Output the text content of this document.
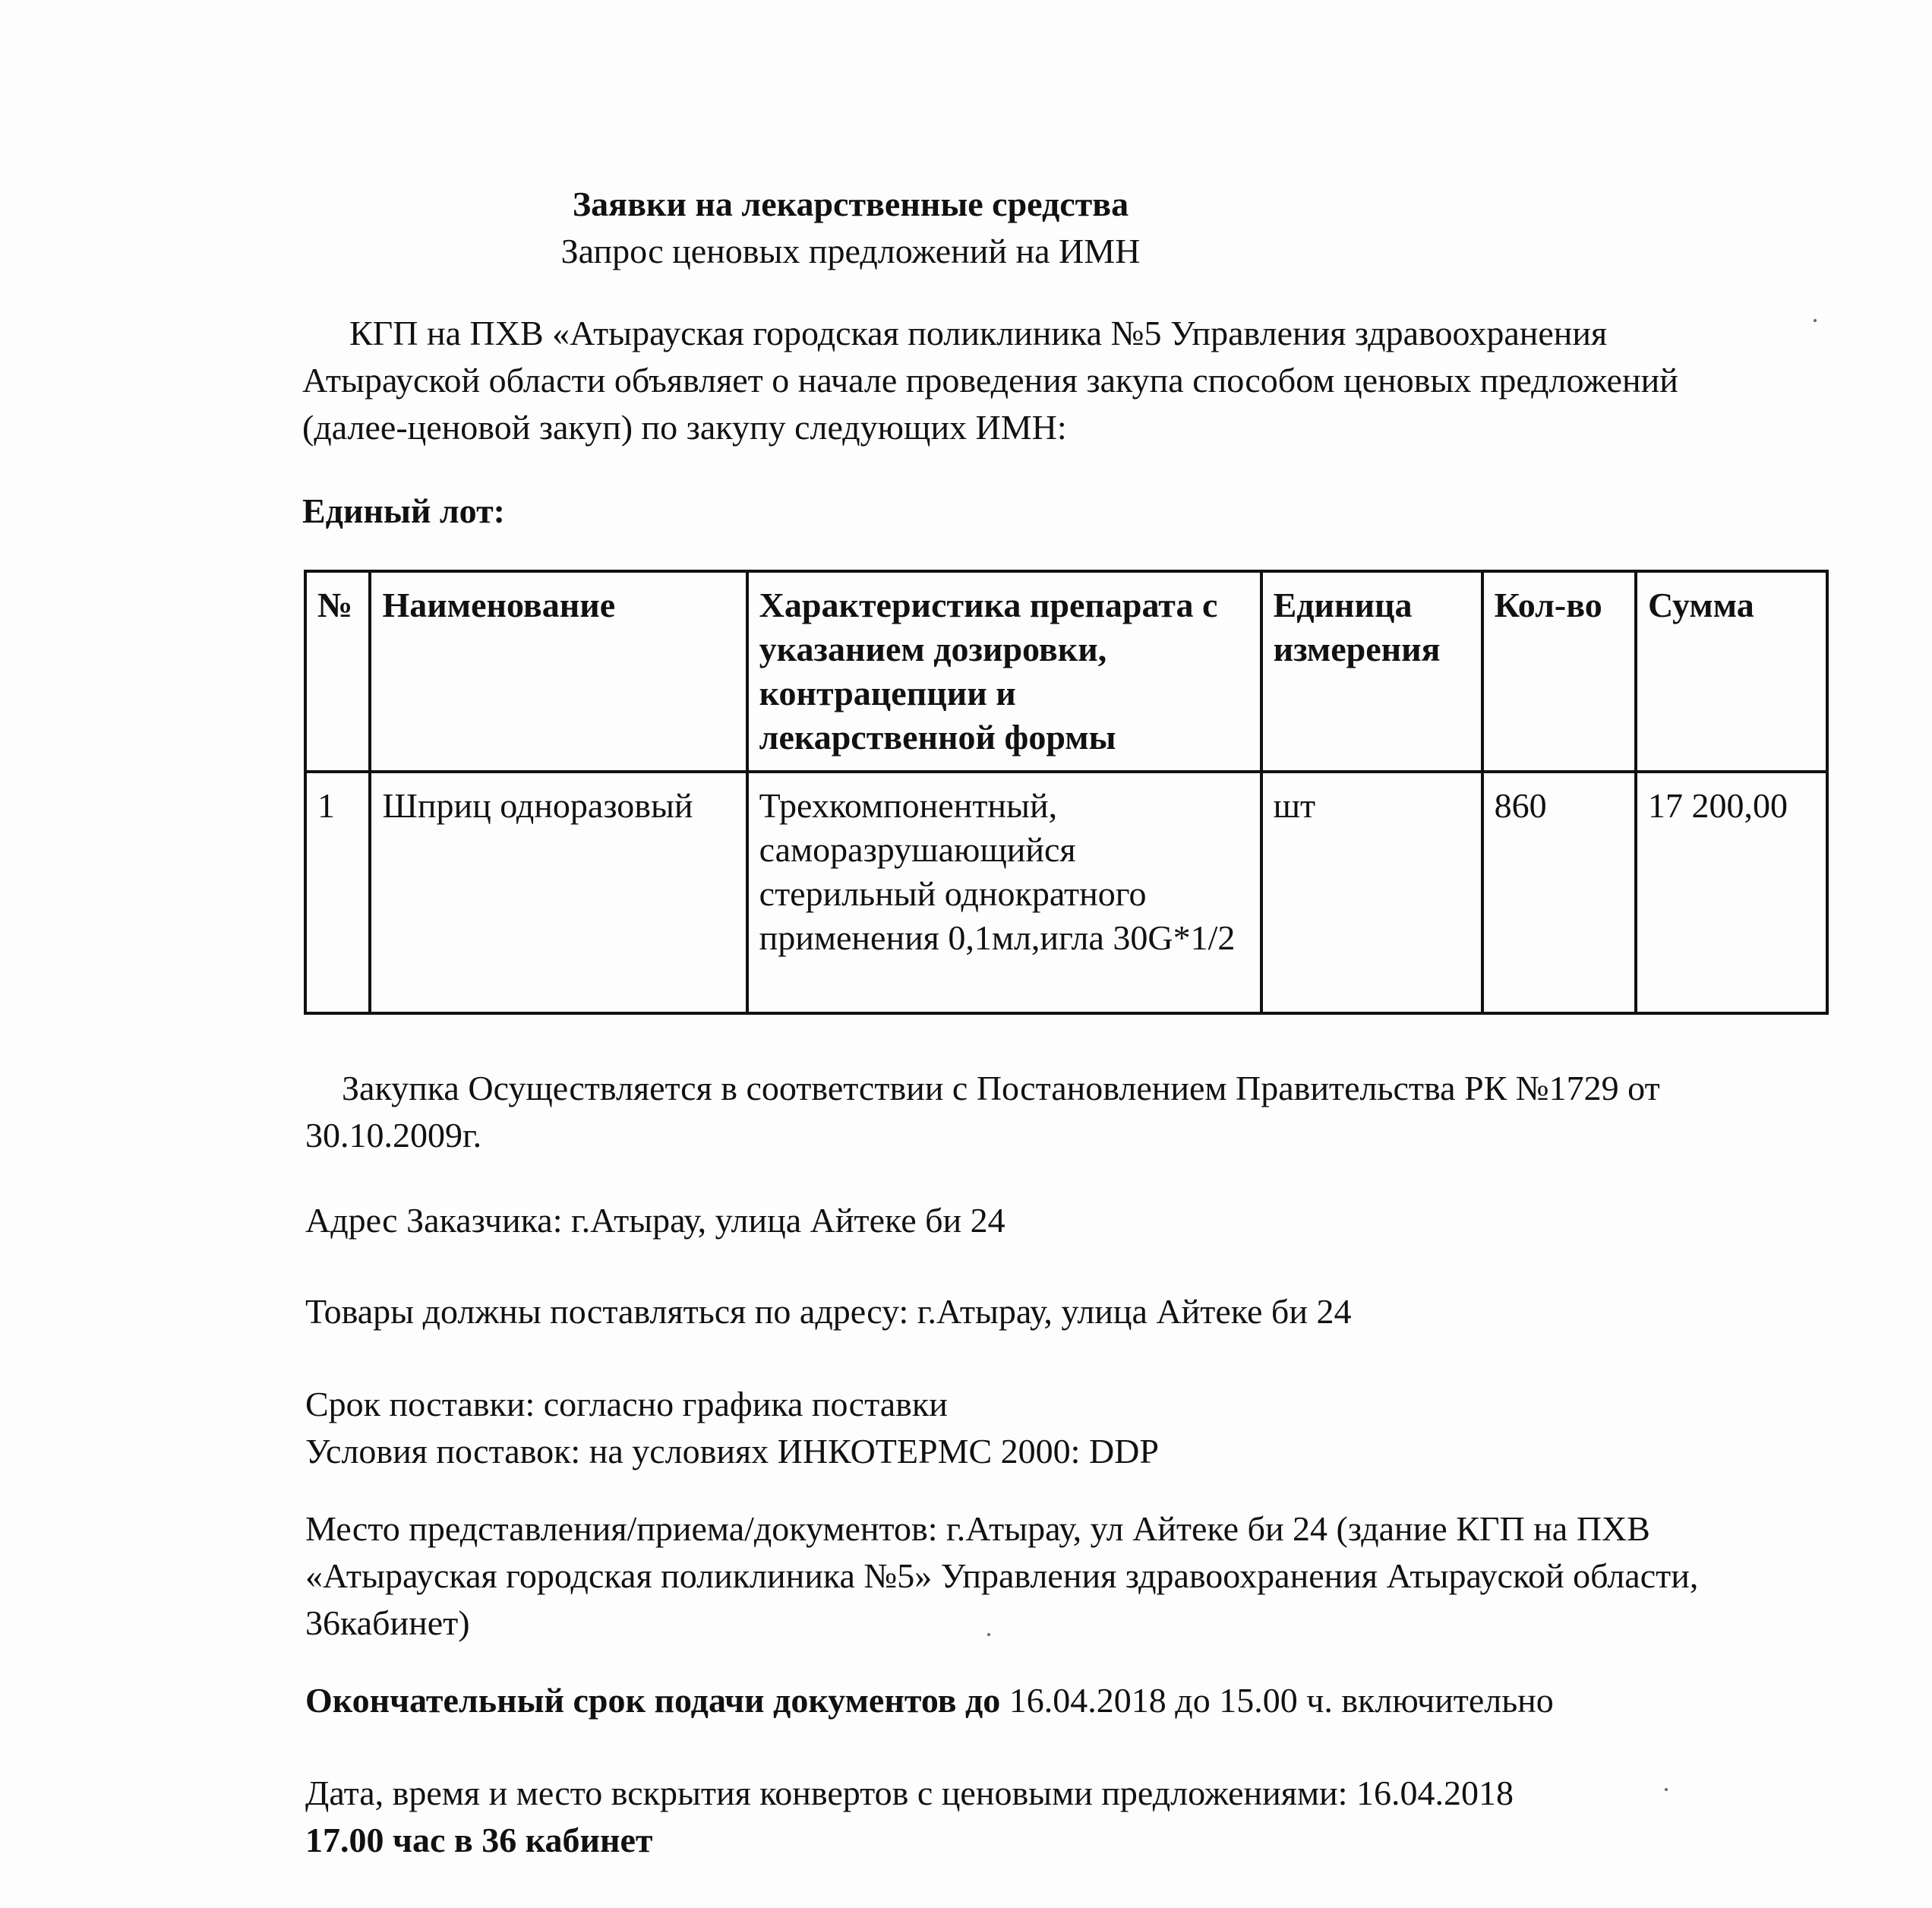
Заявки на лекарственные средства
Запрос ценовых предложений на ИМН

КГП на ПХВ «Атырауская городская поликлиника №5 Управления здравоохранения Атырауской области объявляет о начале проведения закупа способом ценовых предложений (далее-ценовой закуп) по закупу следующих ИМН:

Единый лот:
№	Наименование	Характеристика препарата с указанием дозировки, контрацепции и лекарственной формы	Единица измерения	Кол-во	Сумма
1	Шприц одноразовый	Трехкомпонентный, саморазрушающийся стерильный однократного применения 0,1мл,игла 30G*1/2	шт	860	17 200,00

Закупка Осуществляется в соответствии с Постановлением Правительства РК №1729 от 30.10.2009г.

Адрес Заказчика: г.Атырау, улица Айтеке би 24

Товары должны поставляться по адресу: г.Атырау, улица Айтеке би 24

Срок поставки: согласно графика поставки

Условия поставок: на условиях ИНКОТЕРМС 2000: DDP

Место представления/приема/документов: г.Атырау, ул Айтеке би 24 (здание КГП на ПХВ «Атырауская городская поликлиника №5» Управления здравоохранения Атырауской области, 36кабинет)

Окончательный срок подачи документов до 16.04.2018 до 15.00 ч. включительно

Дата, время и место вскрытия конвертов с ценовыми предложениями: 16.04.2018

17.00 час в 36 кабинет
